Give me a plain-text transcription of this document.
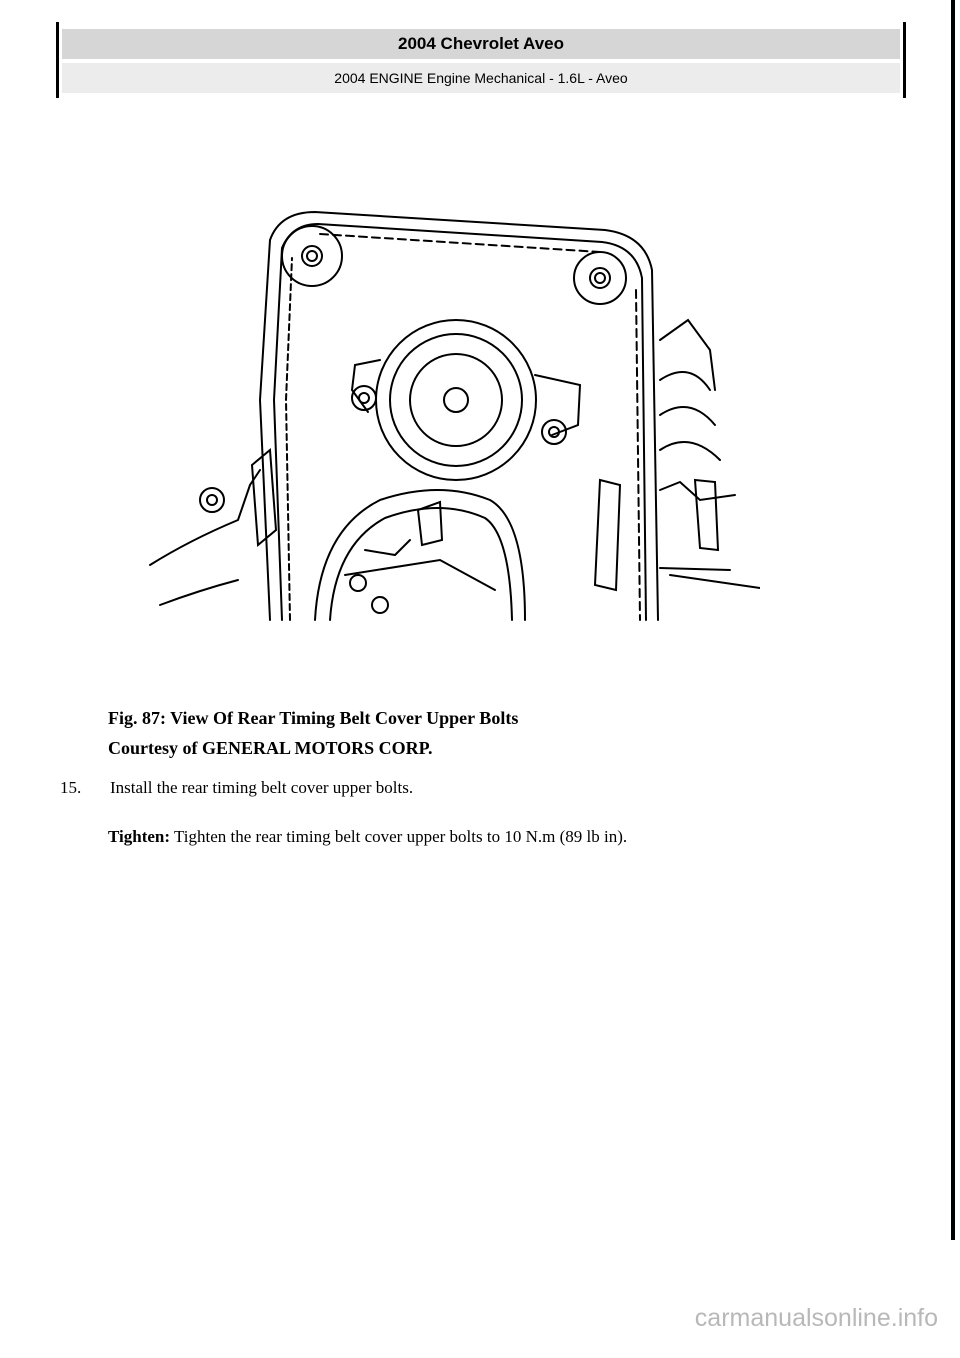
2004 Chevrolet Aveo
2004 ENGINE Engine Mechanical - 1.6L - Aveo
Fig. 87: View Of Rear Timing Belt Cover Upper Bolts
Courtesy of GENERAL MOTORS CORP.
15. Install the rear timing belt cover upper bolts.
Tighten: Tighten the rear timing belt cover upper bolts to 10 N.m (89 lb in).
carmanualsonline.info
